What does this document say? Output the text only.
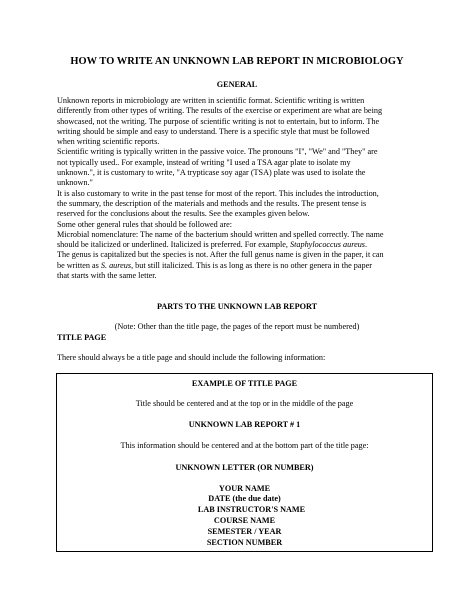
HOW TO WRITE AN UNKNOWN LAB REPORT IN MICROBIOLOGY
GENERAL

Unknown reports in microbiology are written in scientific format. Scientific writing is written

differently from other types of writing. The results of the exercise or experiment are what are being

showcased, not the writing. The purpose of scientific writing is not to entertain, but to inform. The

writing should be simple and easy to understand. There is a specific style that must be followed

when writing scientific reports.

Scientific writing is typically written in the passive voice. The pronouns "I", "We" and "They" are

not typically used.. For example, instead of writing "I used a TSA agar plate to isolate my

unknown.", it is customary to write, "A trypticase soy agar (TSA) plate was used to isolate the

unknown."

It is also customary to write in the past tense for most of the report. This includes the introduction,

the summary, the description of the materials and methods and the results. The present tense is

reserved for the conclusions about the results. See the examples given below.

Some other general rules that should be followed are:

Microbial nomenclature: The name of the bacterium should written and spelled correctly. The name

should be italicized or underlined. Italicized is preferred. For example, Staphylococcus aureus.

The genus is capitalized but the species is not. After the full genus name is given in the paper, it can

be written as S. aureus, but still italicized. This is as long as there is no other genera in the paper

that starts with the same letter.

PARTS TO THE UNKNOWN LAB REPORT
(Note: Other than the title page, the pages of the report must be numbered)
TITLE PAGE
There should always be a title page and should include the following information:
EXAMPLE OF TITLE PAGE
Title should be centered and at the top or in the middle of the page
UNKNOWN LAB REPORT # 1
This information should be centered and at the bottom part of the title page:
UNKNOWN LETTER (OR NUMBER)
YOUR NAME
DATE (the due date)
LAB INSTRUCTOR'S NAME
COURSE NAME
SEMESTER / YEAR
SECTION NUMBER
